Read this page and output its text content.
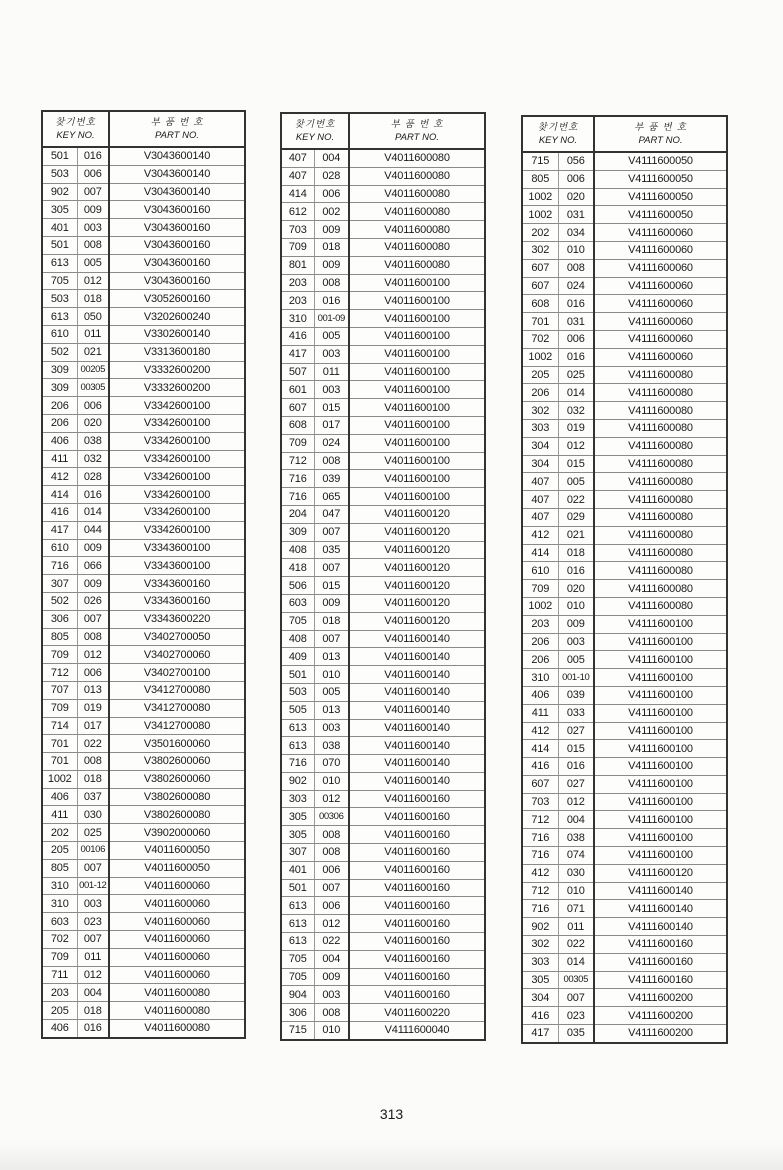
찾기번호
KEY NO.		부 품 번 호
PART NO.

501	016	V3043600140
503	006	V3043600140
902	007	V3043600140
305	009	V3043600160
401	003	V3043600160
501	008	V3043600160
613	005	V3043600160
705	012	V3043600160
503	018	V3052600160
613	050	V3202600240
610	011	V3302600140
502	021	V3313600180
309	00205	V3332600200
309	00305	V3332600200
206	006	V3342600100
206	020	V3342600100
406	038	V3342600100
411	032	V3342600100
412	028	V3342600100
414	016	V3342600100
416	014	V3342600100
417	044	V3342600100
610	009	V3343600100
716	066	V3343600100
307	009	V3343600160
502	026	V3343600160
306	007	V3343600220
805	008	V3402700050
709	012	V3402700060
712	006	V3402700100
707	013	V3412700080
709	019	V3412700080
714	017	V3412700080
701	022	V3501600060
701	008	V3802600060
1002	018	V3802600060
406	037	V3802600080
411	030	V3802600080
202	025	V3902000060
205	00106	V4011600050
805	007	V4011600050
310	001-12	V4011600060
310	003	V4011600060
603	023	V4011600060
702	007	V4011600060
709	011	V4011600060
711	012	V4011600060
203	004	V4011600080
205	018	V4011600080
406	016	V4011600080
찾기번호
KEY NO.		부 품 번 호
PART NO.

407	004	V4011600080
407	028	V4011600080
414	006	V4011600080
612	002	V4011600080
703	009	V4011600080
709	018	V4011600080
801	009	V4011600080
203	008	V4011600100
203	016	V4011600100
310	001-09	V4011600100
416	005	V4011600100
417	003	V4011600100
507	011	V4011600100
601	003	V4011600100
607	015	V4011600100
608	017	V4011600100
709	024	V4011600100
712	008	V4011600100
716	039	V4011600100
716	065	V4011600100
204	047	V4011600120
309	007	V4011600120
408	035	V4011600120
418	007	V4011600120
506	015	V4011600120
603	009	V4011600120
705	018	V4011600120
408	007	V4011600140
409	013	V4011600140
501	010	V4011600140
503	005	V4011600140
505	013	V4011600140
613	003	V4011600140
613	038	V4011600140
716	070	V4011600140
902	010	V4011600140
303	012	V4011600160
305	00306	V4011600160
305	008	V4011600160
307	008	V4011600160
401	006	V4011600160
501	007	V4011600160
613	006	V4011600160
613	012	V4011600160
613	022	V4011600160
705	004	V4011600160
705	009	V4011600160
904	003	V4011600160
306	008	V4011600220
715	010	V4111600040
찾기번호
KEY NO.		부 품 번 호
PART NO.

715	056	V4111600050
805	006	V4111600050
1002	020	V4111600050
1002	031	V4111600050
202	034	V4111600060
302	010	V4111600060
607	008	V4111600060
607	024	V4111600060
608	016	V4111600060
701	031	V4111600060
702	006	V4111600060
1002	016	V4111600060
205	025	V4111600080
206	014	V4111600080
302	032	V4111600080
303	019	V4111600080
304	012	V4111600080
304	015	V4111600080
407	005	V4111600080
407	022	V4111600080
407	029	V4111600080
412	021	V4111600080
414	018	V4111600080
610	016	V4111600080
709	020	V4111600080
1002	010	V4111600080
203	009	V4111600100
206	003	V4111600100
206	005	V4111600100
310	001-10	V4111600100
406	039	V4111600100
411	033	V4111600100
412	027	V4111600100
414	015	V4111600100
416	016	V4111600100
607	027	V4111600100
703	012	V4111600100
712	004	V4111600100
716	038	V4111600100
716	074	V4111600100
412	030	V4111600120
712	010	V4111600140
716	071	V4111600140
902	011	V4111600140
302	022	V4111600160
303	014	V4111600160
305	00305	V4111600160
304	007	V4111600200
416	023	V4111600200
417	035	V4111600200
313
